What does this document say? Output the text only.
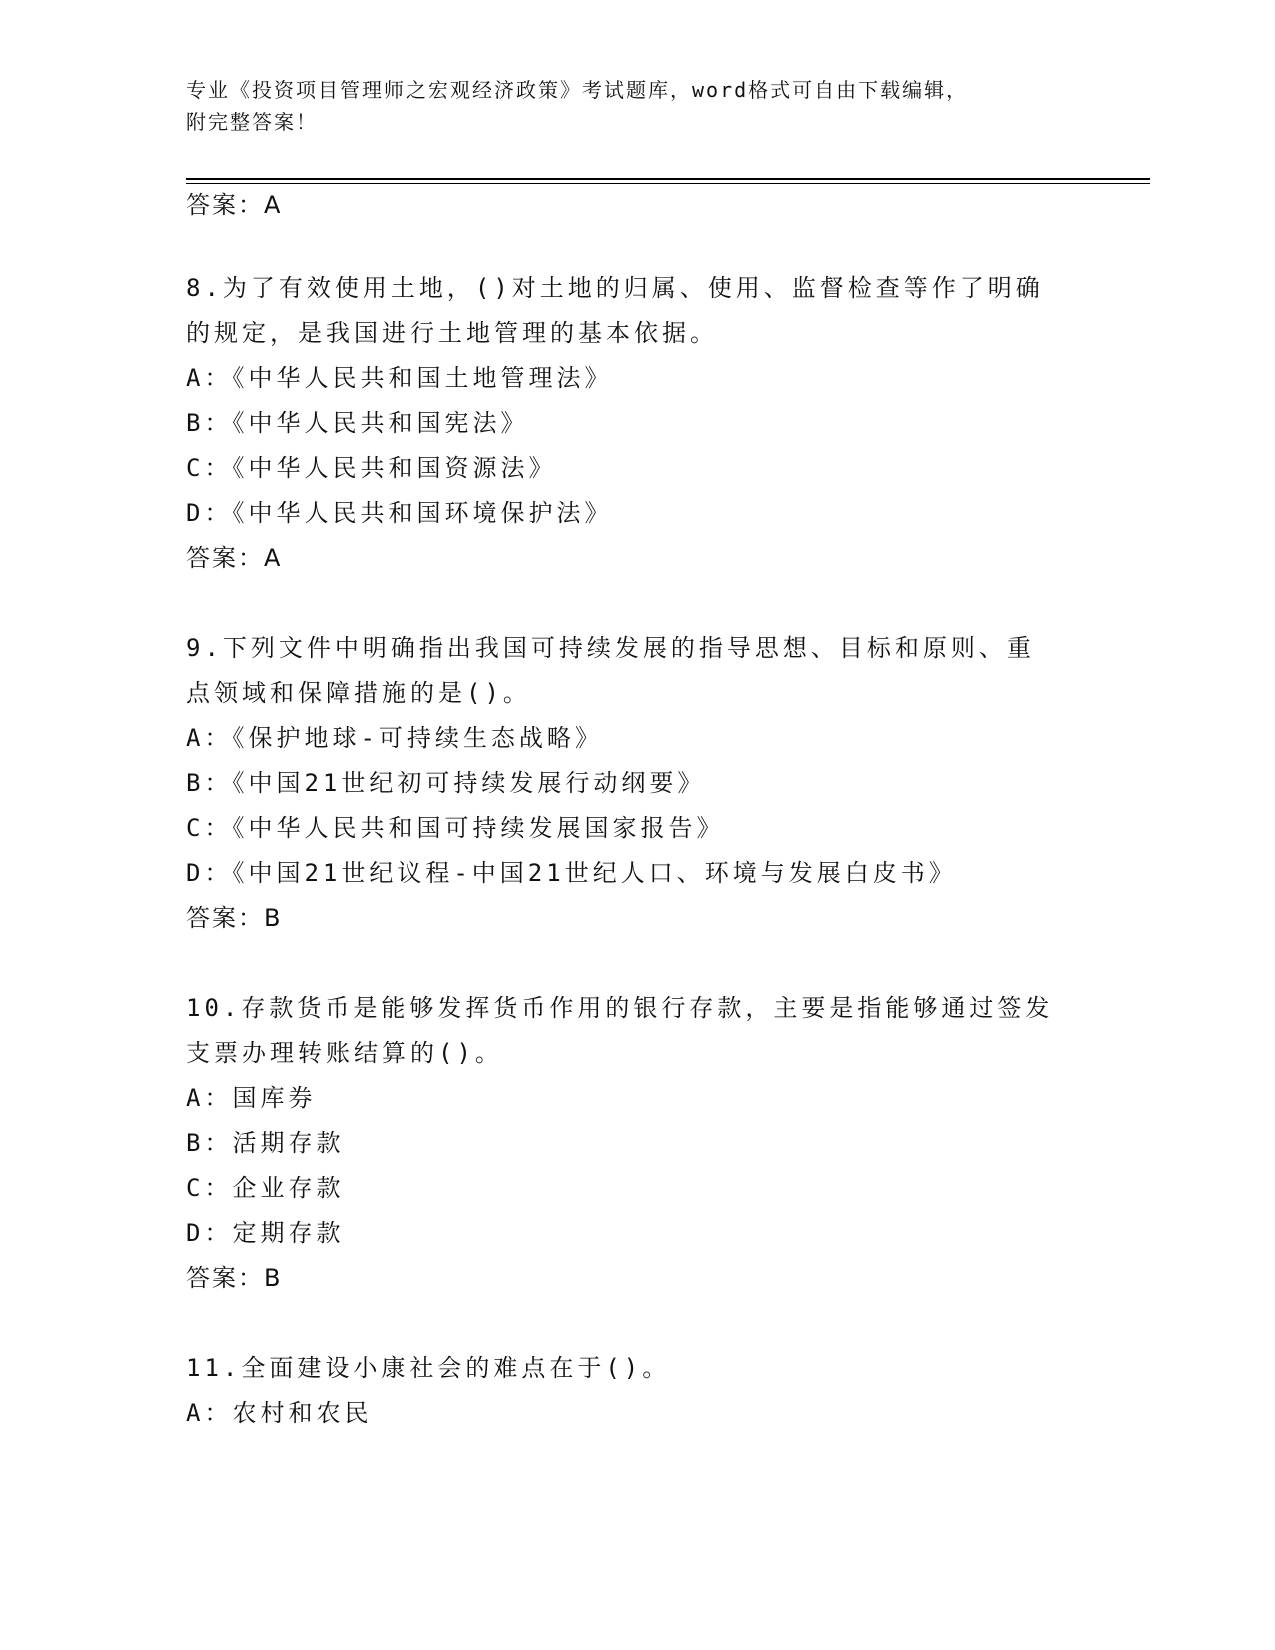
专业《投资项目管理师之宏观经济政策》考试题库，word格式可自由下载编辑，
附完整答案！
答案：A
8.为了有效使用土地，()对土地的归属、使用、监督检查等作了明确
的规定，是我国进行土地管理的基本依据。
A：《中华人民共和国土地管理法》
B：《中华人民共和国宪法》
C：《中华人民共和国资源法》
D：《中华人民共和国环境保护法》
答案：A
9.下列文件中明确指出我国可持续发展的指导思想、目标和原则、重
点领域和保障措施的是()。
A：《保护地球-可持续生态战略》
B：《中国21世纪初可持续发展行动纲要》
C：《中华人民共和国可持续发展国家报告》
D：《中国21世纪议程-中国21世纪人口、环境与发展白皮书》
答案：B
10.存款货币是能够发挥货币作用的银行存款，主要是指能够通过签发
支票办理转账结算的()。
A：国库券
B：活期存款
C：企业存款
D：定期存款
答案：B
11.全面建设小康社会的难点在于()。
A：农村和农民
